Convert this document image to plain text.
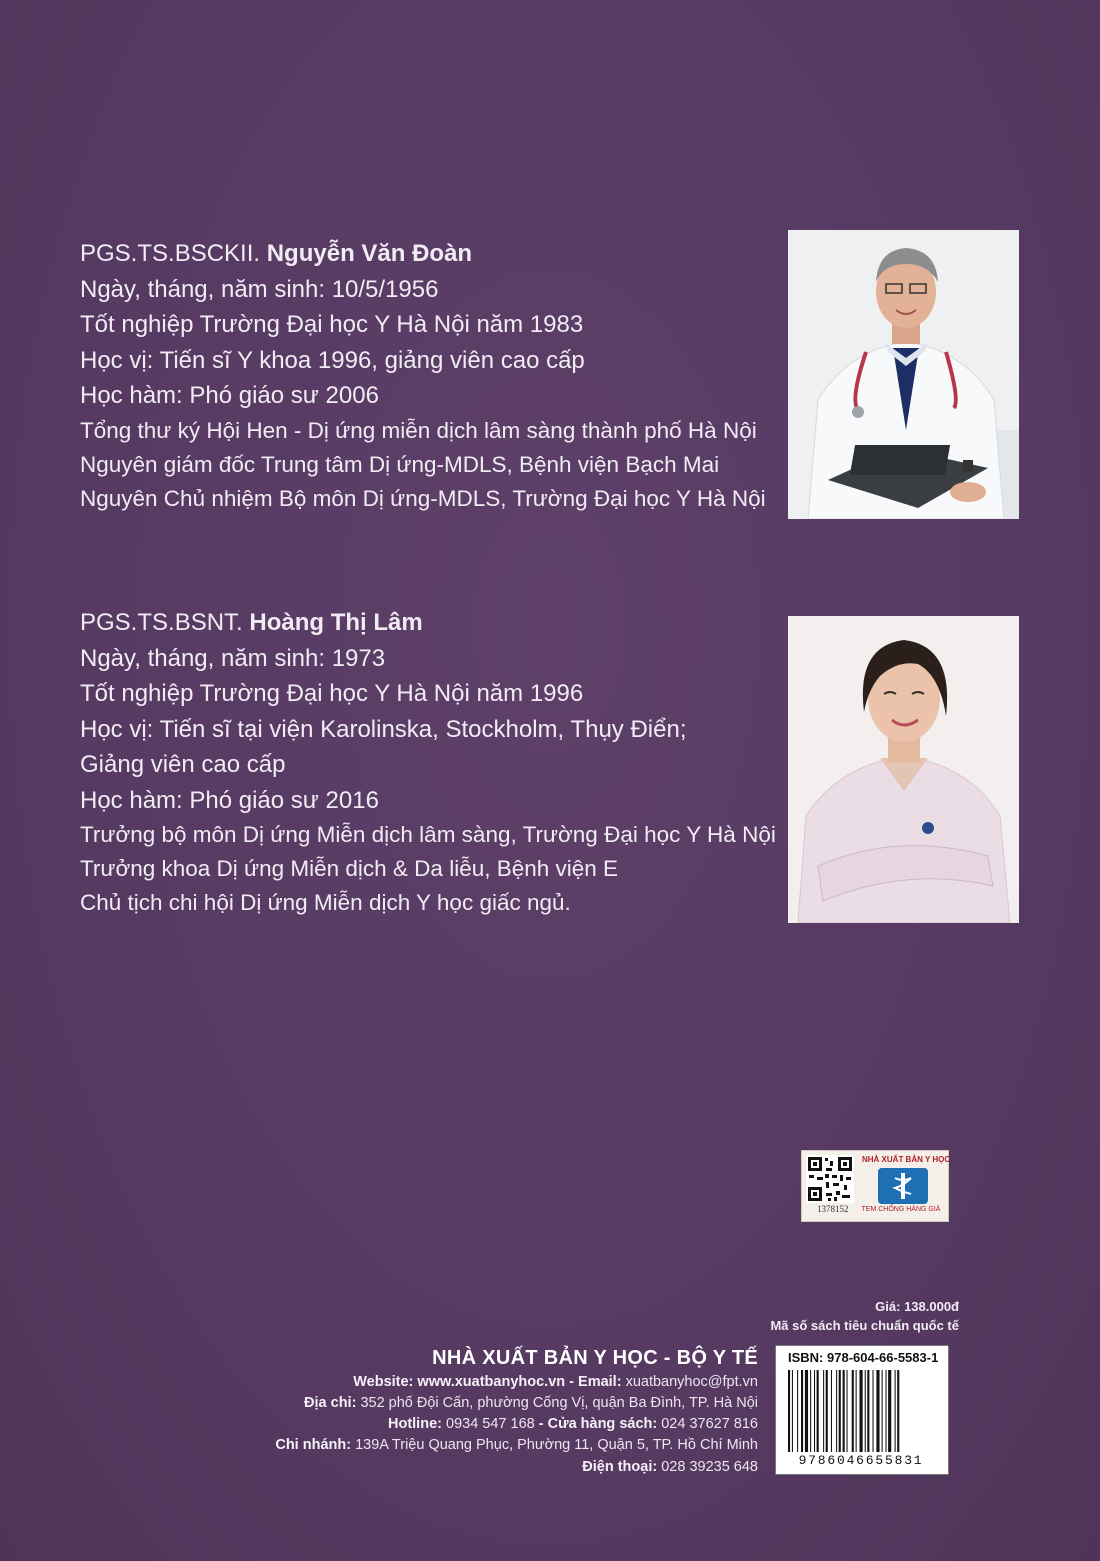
PGS.TS.BSCKII. Nguyễn Văn Đoàn
Ngày, tháng, năm sinh: 10/5/1956
Tốt nghiệp Trường Đại học Y Hà Nội năm 1983
Học vị: Tiến sĩ Y khoa 1996, giảng viên cao cấp
Học hàm: Phó giáo sư 2006
Tổng thư ký Hội Hen - Dị ứng miễn dịch lâm sàng thành phố Hà Nội
Nguyên giám đốc Trung tâm Dị ứng-MDLS, Bệnh viện Bạch Mai
Nguyên Chủ nhiệm Bộ môn Dị ứng-MDLS, Trường Đại học Y Hà Nội
PGS.TS.BSNT. Hoàng Thị Lâm
Ngày, tháng, năm sinh: 1973
Tốt nghiệp Trường Đại học Y Hà Nội năm 1996
Học vị: Tiến sĩ tại viện Karolinska, Stockholm, Thụy Điển;
Giảng viên cao cấp
Học hàm: Phó giáo sư 2016
Trưởng bộ môn Dị ứng Miễn dịch lâm sàng, Trường Đại học Y Hà Nội
Trưởng khoa Dị ứng Miễn dịch & Da liễu, Bệnh viện E
Chủ tịch chi hội Dị ứng Miễn dịch Y học giấc ngủ.
1378152
NHÀ XUẤT BẢN Y HỌC
TEM CHỐNG HÀNG GIẢ
Giá: 138.000đ
Mã số sách tiêu chuẩn quốc tế
NHÀ XUẤT BẢN Y HỌC - BỘ Y TẾ
Website: www.xuatbanyhoc.vn - Email: xuatbanyhoc@fpt.vn
Địa chỉ: 352 phố Đội Cấn, phường Cống Vị, quận Ba Đình, TP. Hà Nội
Hotline: 0934 547 168 - Cửa hàng sách: 024 37627 816
Chi nhánh: 139A Triệu Quang Phục, Phường 11, Quận 5, TP. Hồ Chí Minh
Điện thoại: 028 39235 648
ISBN: 978-604-66-5583-1
9786046655831
